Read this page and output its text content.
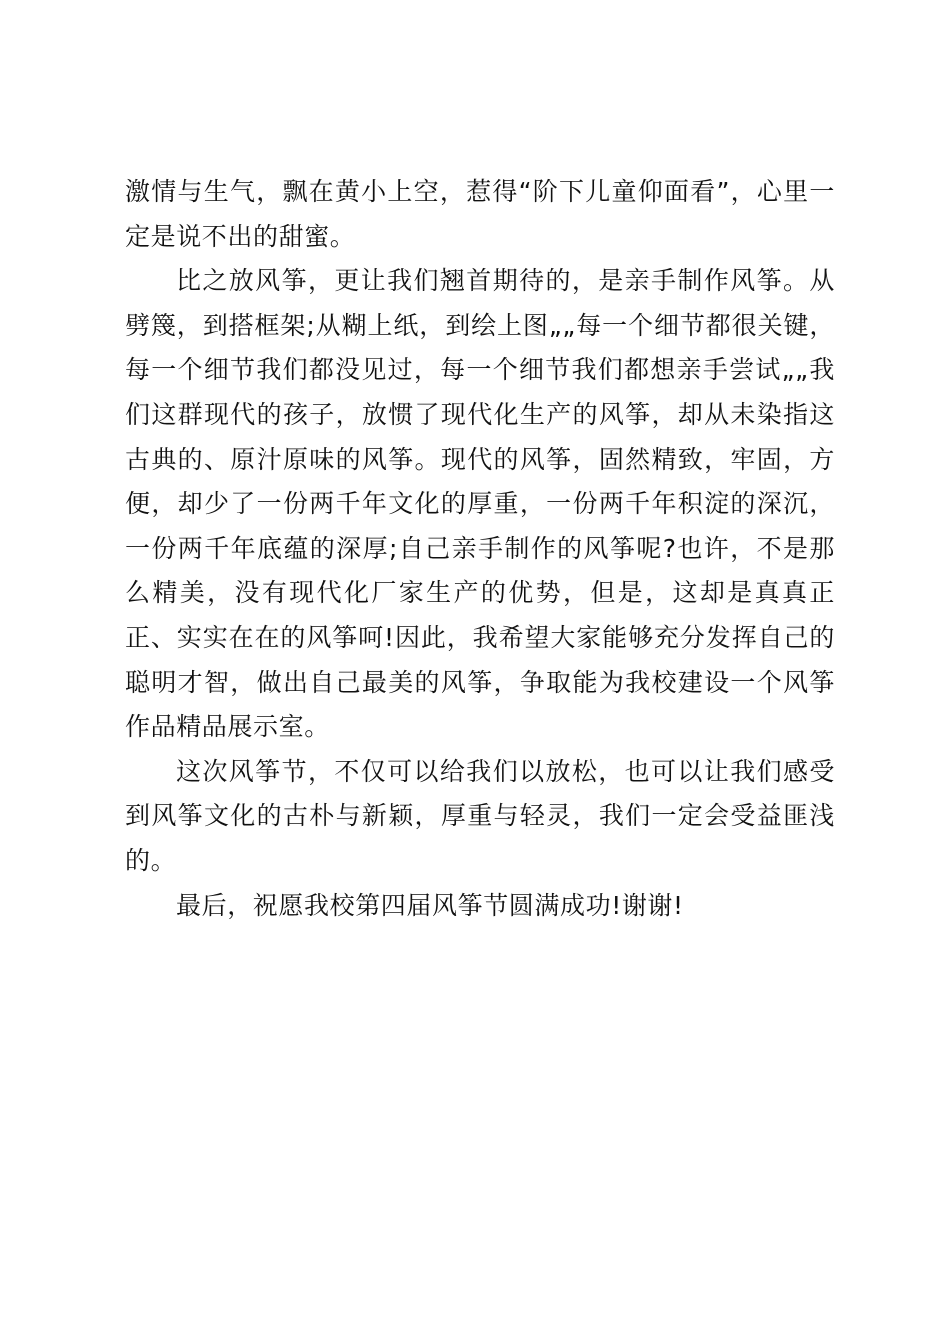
激情与生气，飘在黄小上空，惹得“阶下儿童仰面看”，心里一定是说不出的甜蜜。

比之放风筝，更让我们翘首期待的，是亲手制作风筝。从劈篾，到搭框架;从糊上纸，到绘上图„„每一个细节都很关键，每一个细节我们都没见过，每一个细节我们都想亲手尝试„„我们这群现代的孩子，放惯了现代化生产的风筝，却从未染指这古典的、原汁原味的风筝。现代的风筝，固然精致，牢固，方便，却少了一份两千年文化的厚重，一份两千年积淀的深沉，一份两千年底蕴的深厚;自己亲手制作的风筝呢?也许，不是那么精美，没有现代化厂家生产的优势，但是，这却是真真正正、实实在在的风筝呵!因此，我希望大家能够充分发挥自己的聪明才智，做出自己最美的风筝，争取能为我校建设一个风筝作品精品展示室。

这次风筝节，不仅可以给我们以放松，也可以让我们感受到风筝文化的古朴与新颖，厚重与轻灵，我们一定会受益匪浅的。

最后，祝愿我校第四届风筝节圆满成功!谢谢!
